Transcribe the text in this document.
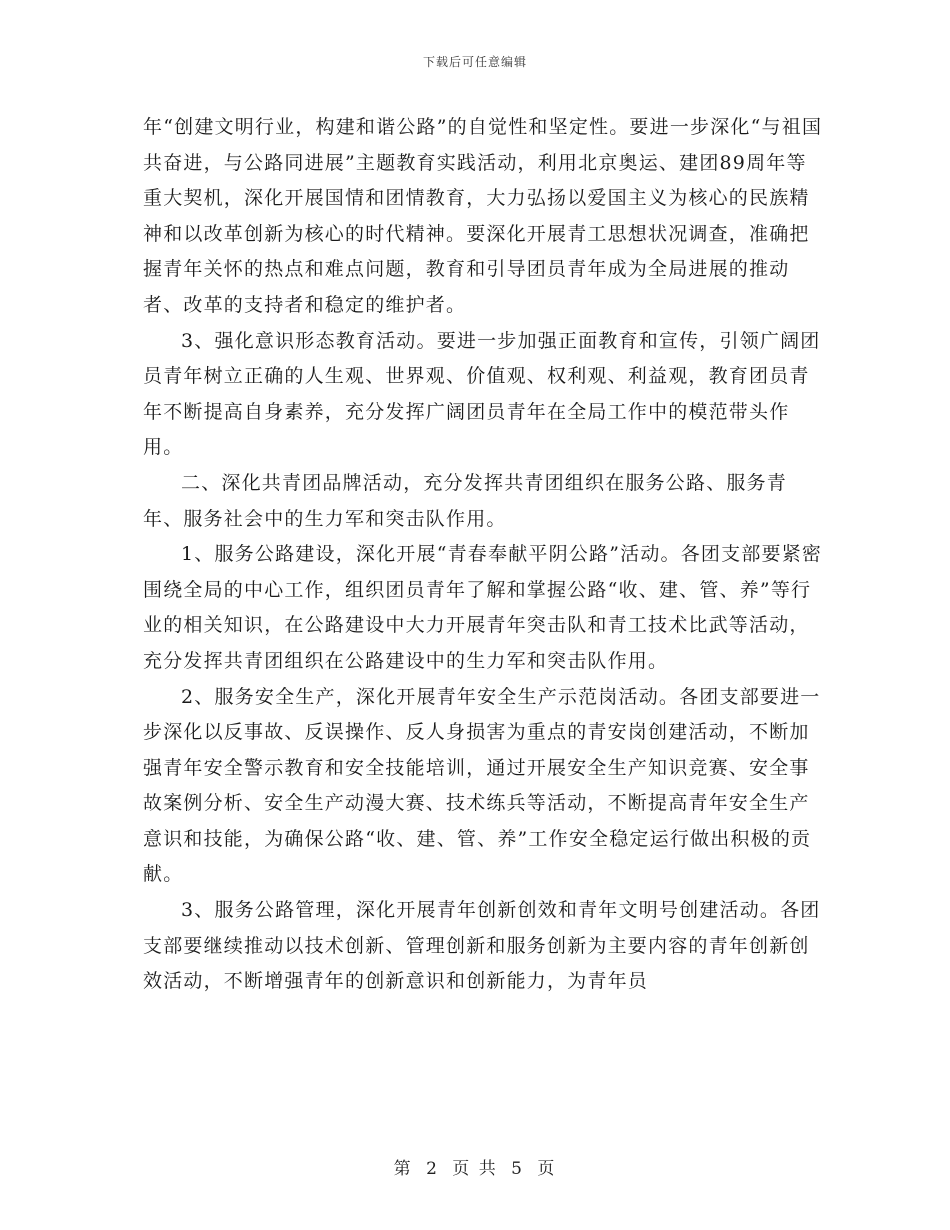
下载后可任意编辑

年“创建文明行业，构建和谐公路”的自觉性和坚定性。要进一步深化“与祖国共奋进，与公路同进展”主题教育实践活动，利用北京奥运、建团89周年等重大契机，深化开展国情和团情教育，大力弘扬以爱国主义为核心的民族精神和以改革创新为核心的时代精神。要深化开展青工思想状况调查，准确把握青年关怀的热点和难点问题，教育和引导团员青年成为全局进展的推动者、改革的支持者和稳定的维护者。

3、强化意识形态教育活动。要进一步加强正面教育和宣传，引领广阔团员青年树立正确的人生观、世界观、价值观、权利观、利益观，教育团员青年不断提高自身素养，充分发挥广阔团员青年在全局工作中的模范带头作用。

二、深化共青团品牌活动，充分发挥共青团组织在服务公路、服务青年、服务社会中的生力军和突击队作用。

1、服务公路建设，深化开展“青春奉献平阴公路”活动。各团支部要紧密围绕全局的中心工作，组织团员青年了解和掌握公路“收、建、管、养”等行业的相关知识，在公路建设中大力开展青年突击队和青工技术比武等活动，充分发挥共青团组织在公路建设中的生力军和突击队作用。

2、服务安全生产，深化开展青年安全生产示范岗活动。各团支部要进一步深化以反事故、反误操作、反人身损害为重点的青安岗创建活动，不断加强青年安全警示教育和安全技能培训，通过开展安全生产知识竞赛、安全事故案例分析、安全生产动漫大赛、技术练兵等活动，不断提高青年安全生产意识和技能，为确保公路“收、建、管、养”工作安全稳定运行做出积极的贡献。

3、服务公路管理，深化开展青年创新创效和青年文明号创建活动。各团支部要继续推动以技术创新、管理创新和服务创新为主要内容的青年创新创效活动，不断增强青年的创新意识和创新能力，为青年员

第 2 页 共 5 页
